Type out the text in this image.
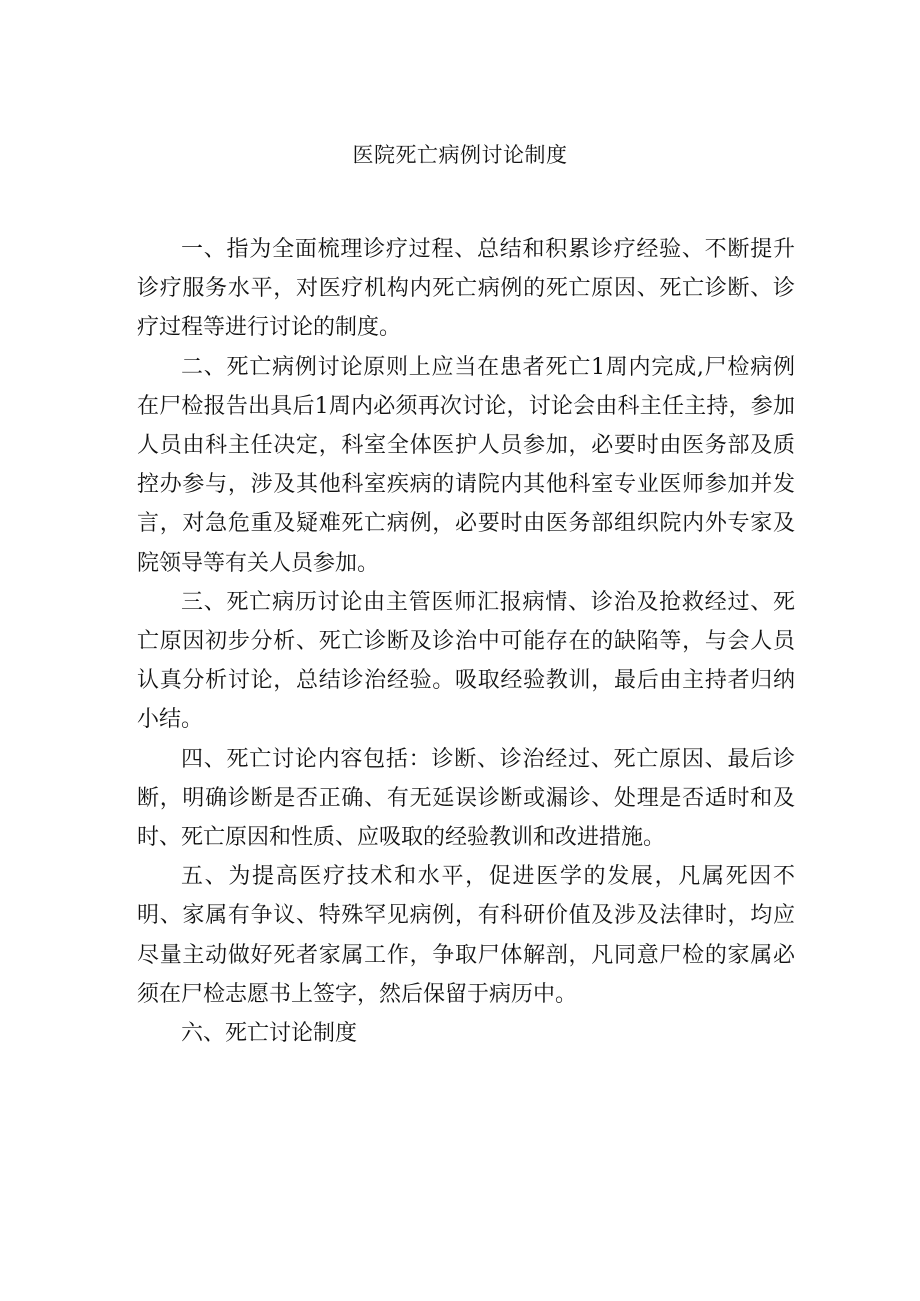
医院死亡病例讨论制度

一、指为全面梳理诊疗过程、总结和积累诊疗经验、不断提升诊疗服务水平，对医疗机构内死亡病例的死亡原因、死亡诊断、诊疗过程等进行讨论的制度。

二、死亡病例讨论原则上应当在患者死亡1周内完成,尸检病例在尸检报告出具后1周内必须再次讨论，讨论会由科主任主持，参加人员由科主任决定，科室全体医护人员参加，必要时由医务部及质控办参与，涉及其他科室疾病的请院内其他科室专业医师参加并发言，对急危重及疑难死亡病例，必要时由医务部组织院内外专家及院领导等有关人员参加。

三、死亡病历讨论由主管医师汇报病情、诊治及抢救经过、死亡原因初步分析、死亡诊断及诊治中可能存在的缺陷等，与会人员认真分析讨论，总结诊治经验。吸取经验教训，最后由主持者归纳小结。

四、死亡讨论内容包括：诊断、诊治经过、死亡原因、最后诊断，明确诊断是否正确、有无延误诊断或漏诊、处理是否适时和及时、死亡原因和性质、应吸取的经验教训和改进措施。

五、为提高医疗技术和水平，促进医学的发展，凡属死因不明、家属有争议、特殊罕见病例，有科研价值及涉及法律时，均应尽量主动做好死者家属工作，争取尸体解剖，凡同意尸检的家属必须在尸检志愿书上签字，然后保留于病历中。

六、死亡讨论制度
